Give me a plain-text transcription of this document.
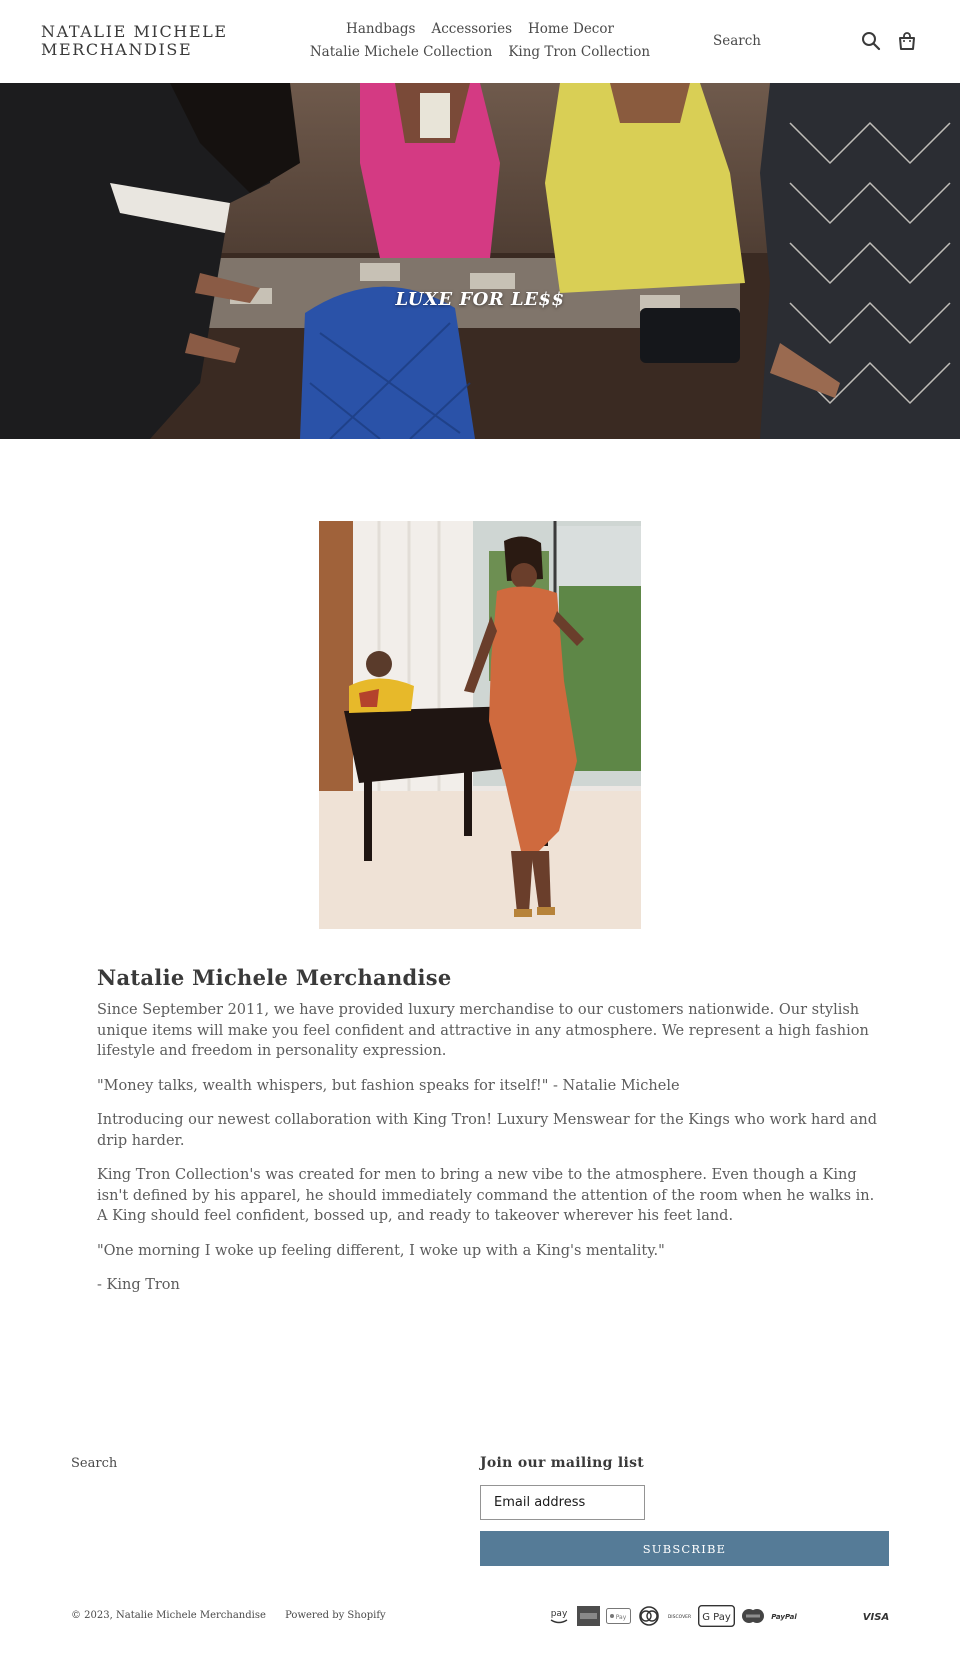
NATALIE MICHELE MERCHANDISE
Handbags Accessories Home Decor
Natalie Michele Collection King Tron Collection
Search
LUXE FOR LE$$
Natalie Michele Merchandise

Since September 2011, we have provided luxury merchandise to our customers nationwide. Our stylish unique items will make you feel confident and attractive in any atmosphere. We represent a high fashion lifestyle and freedom in personality expression.

"Money talks, wealth whispers, but fashion speaks for itself!" - Natalie Michele

Introducing our newest collaboration with King Tron! Luxury Menswear for the Kings who work hard and drip harder.

King Tron Collection's was created for men to bring a new vibe to the atmosphere. Even though a King isn't defined by his apparel, he should immediately command the attention of the room when he walks in. A King should feel confident, bossed up, and ready to takeover wherever his feet land.

"One morning I woke up feeling different, I woke up with a King's mentality."

- King Tron

Search	Join our mailing list
Email address
SUBSCRIBE
© 2023, Natalie Michele Merchandise Powered by Shopify	pay	Pay	DISCOVER G Pay	PayPal	VISA
